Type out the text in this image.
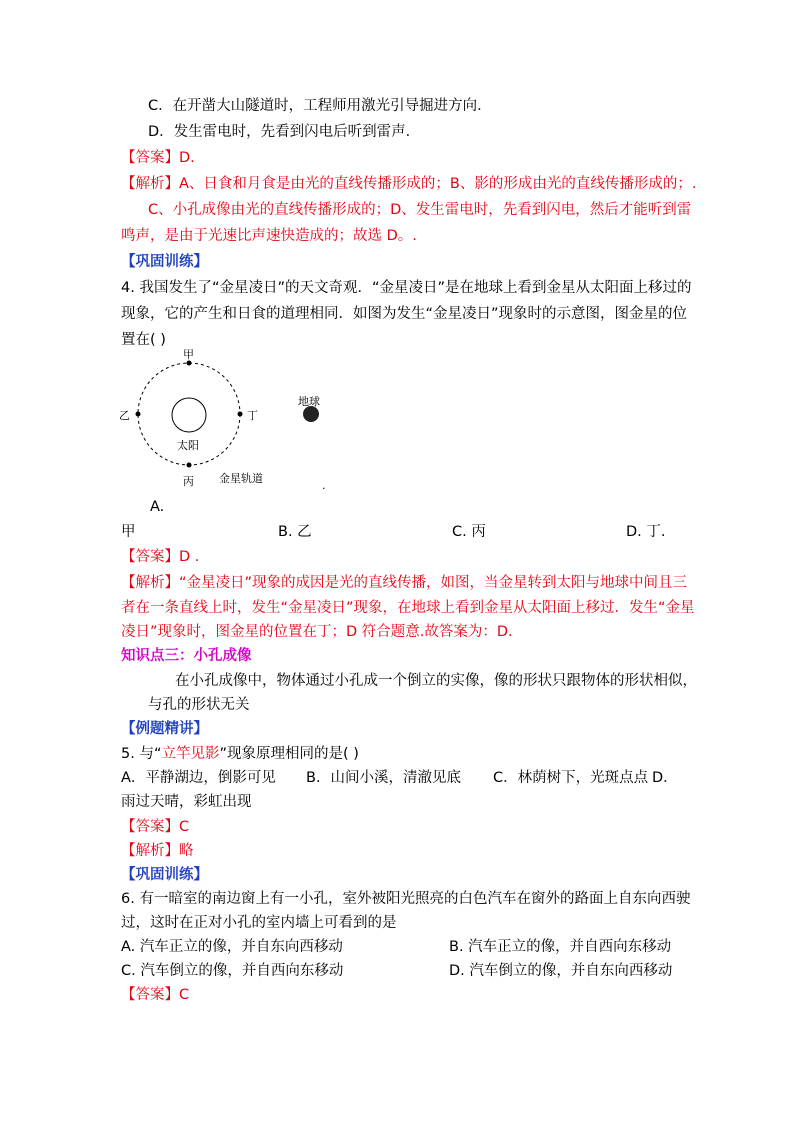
C．在开凿大山隧道时，工程师用激光引导掘进方向．
D．发生雷电时，先看到闪电后听到雷声．
【答案】D.
【解析】A、日食和月食是由光的直线传播形成的；B、影的形成由光的直线传播形成的；.
C、小孔成像由光的直线传播形成的；D、发生雷电时，先看到闪电，然后才能听到雷
鸣声，是由于光速比声速快造成的；故选 D。.
【巩固训练】
4. 我国发生了“金星凌日”的天文奇观．“金星凌日”是在地球上看到金星从太阳面上移过的
现象，它的产生和日食的道理相同．如图为发生“金星凌日”现象时的示意图，图金星的位
置在( )
甲
乙	丁
丙
太阳
地球
金星轨道
.
A.
甲	B. 乙	C. 丙	D. 丁.
【答案】D .
【解析】“金星凌日”现象的成因是光的直线传播，如图，当金星转到太阳与地球中间且三
者在一条直线上时，发生“金星凌日”现象，在地球上看到金星从太阳面上移过．发生“金星
凌日”现象时，图金星的位置在丁；D 符合题意.故答案为：D．
知识点三：小孔成像
在小孔成像中，物体通过小孔成一个倒立的实像，像的形状只跟物体的形状相似，
与孔的形状无关
【例题精讲】
5. 与“立竿见影”现象原理相同的是( )
A．平静湖边，倒影可见 B．山间小溪，清澈见底 C．林荫树下，光斑点点 D．
雨过天晴，彩虹出现
【答案】C
【解析】略
【巩固训练】
6. 有一暗室的南边窗上有一小孔，室外被阳光照亮的白色汽车在窗外的路面上自东向西驶
过，这时在正对小孔的室内墙上可看到的是
A. 汽车正立的像，并自东向西移动	B. 汽车正立的像，并自西向东移动
C. 汽车倒立的像，并自西向东移动	D. 汽车倒立的像，并自东向西移动
【答案】C
